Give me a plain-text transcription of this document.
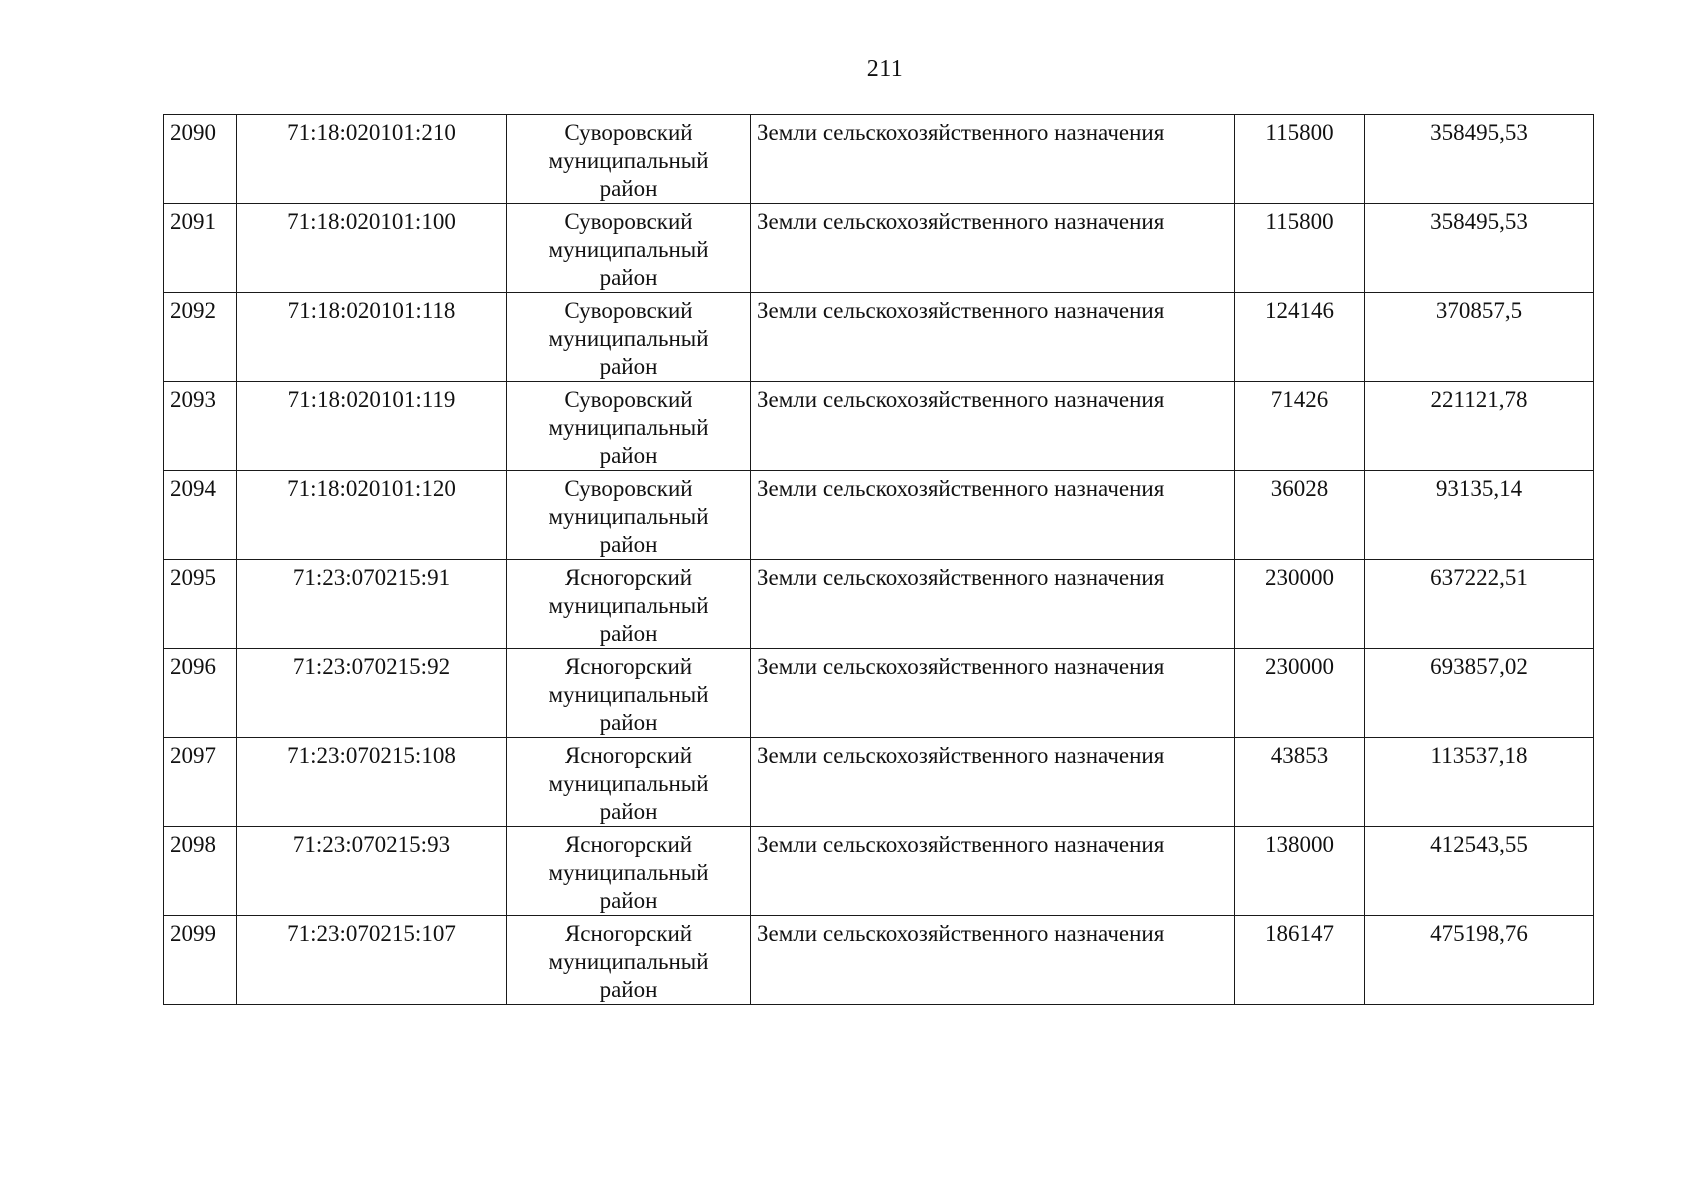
211
2090	71:18:020101:210	Суворовский
муниципальный
район	Земли сельскохозяйственного назначения	115800	358495,53
2091	71:18:020101:100	Суворовский
муниципальный
район	Земли сельскохозяйственного назначения	115800	358495,53
2092	71:18:020101:118	Суворовский
муниципальный
район	Земли сельскохозяйственного назначения	124146	370857,5
2093	71:18:020101:119	Суворовский
муниципальный
район	Земли сельскохозяйственного назначения	71426	221121,78
2094	71:18:020101:120	Суворовский
муниципальный
район	Земли сельскохозяйственного назначения	36028	93135,14
2095	71:23:070215:91	Ясногорский
муниципальный
район	Земли сельскохозяйственного назначения	230000	637222,51
2096	71:23:070215:92	Ясногорский
муниципальный
район	Земли сельскохозяйственного назначения	230000	693857,02
2097	71:23:070215:108	Ясногорский
муниципальный
район	Земли сельскохозяйственного назначения	43853	113537,18
2098	71:23:070215:93	Ясногорский
муниципальный
район	Земли сельскохозяйственного назначения	138000	412543,55
2099	71:23:070215:107	Ясногорский
муниципальный
район	Земли сельскохозяйственного назначения	186147	475198,76
